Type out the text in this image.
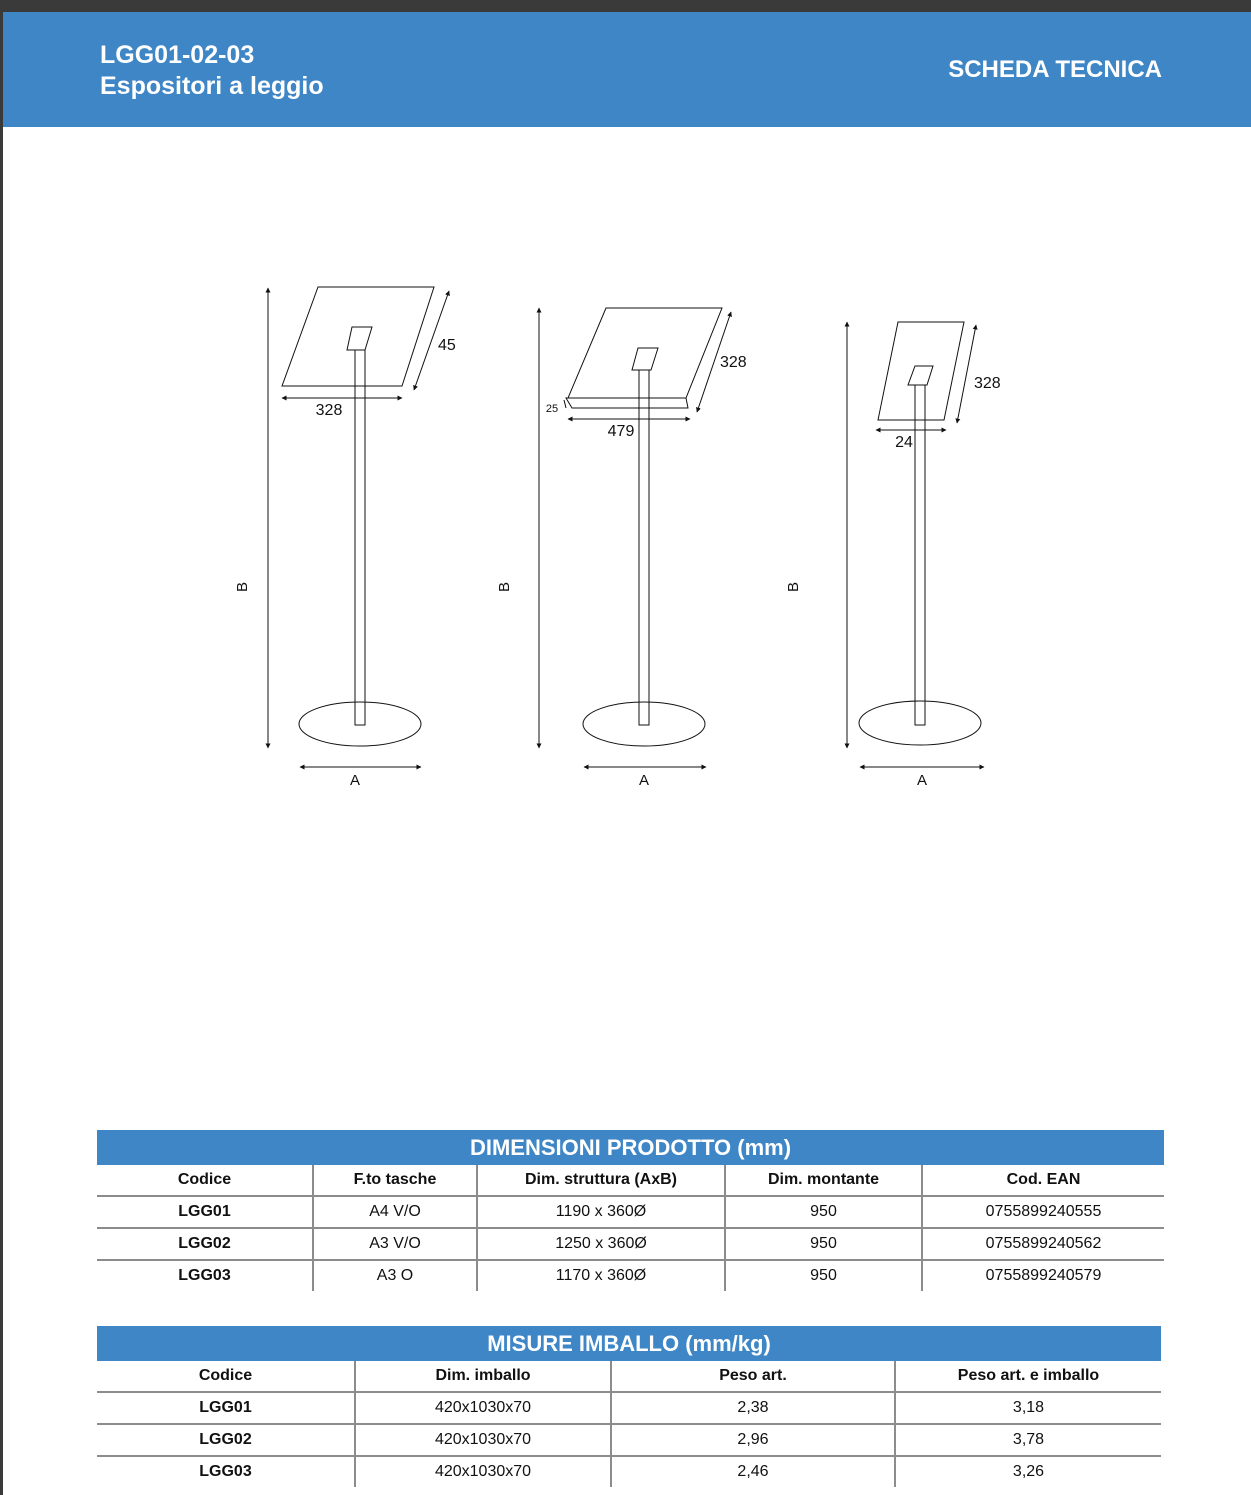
LGG01-02-03
Espositori a leggio
SCHEDA TECNICA
B
45
328
A
B
328
479
25
A
B
328
24
A
DIMENSIONI PRODOTTO (mm)
Codice	F.to tasche	Dim. struttura (AxB)	Dim. montante	Cod. EAN
LGG01	A4 V/O	1190 x 360Ø	950	0755899240555
LGG02	A3 V/O	1250 x 360Ø	950	0755899240562
LGG03	A3 O	1170 x 360Ø	950	0755899240579
MISURE IMBALLO (mm/kg)
Codice	Dim. imballo	Peso art.	Peso art. e imballo
LGG01	420x1030x70	2,38	3,18
LGG02	420x1030x70	2,96	3,78
LGG03	420x1030x70	2,46	3,26
